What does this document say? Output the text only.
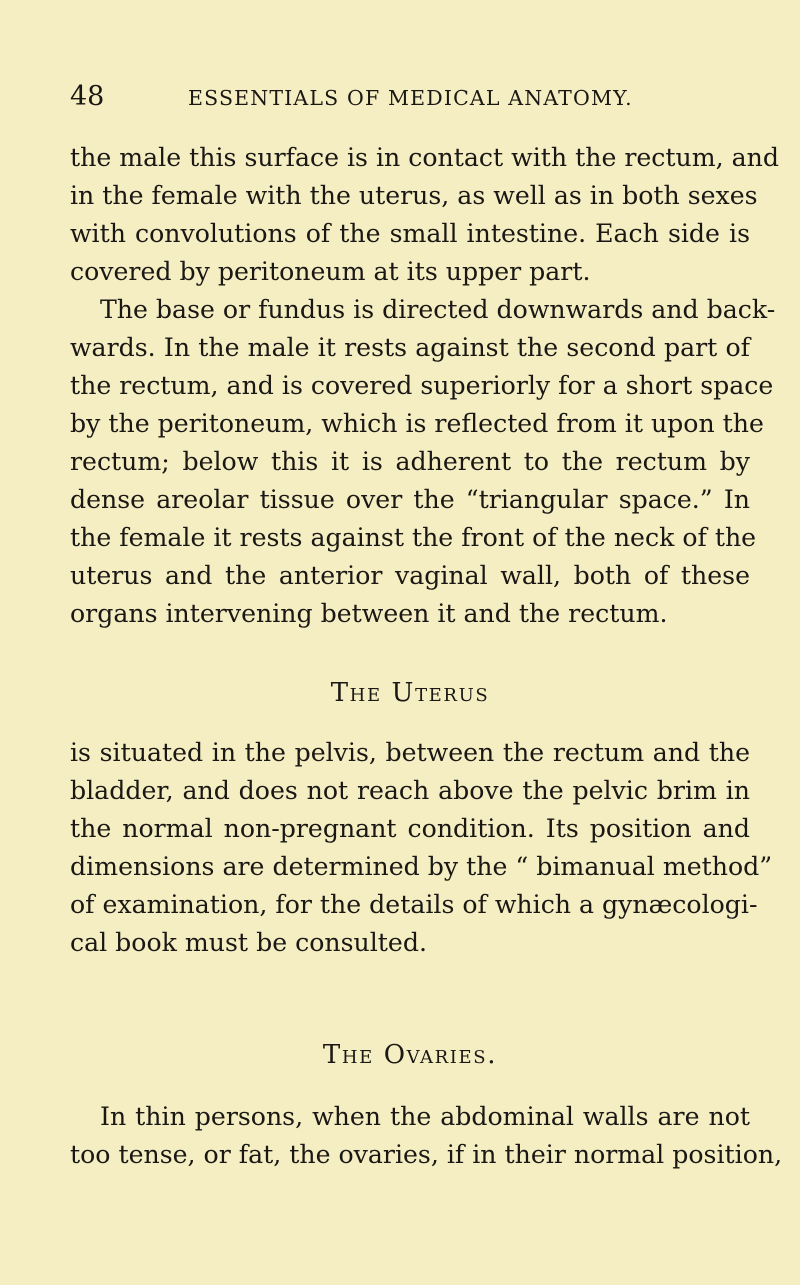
48	ESSENTIALS OF MEDICAL ANATOMY.
the male this surface is in contact with the rectum, and
in the female with the uterus, as well as in both sexes
with convolutions of the small intestine. Each side is
covered by peritoneum at its upper part.
The base or fundus is directed downwards and back-
wards. In the male it rests against the second part of
the rectum, and is covered superiorly for a short space
by the peritoneum, which is reflected from it upon the
rectum; below this it is adherent to the rectum by
dense areolar tissue over the “triangular space.” In
the female it rests against the front of the neck of the
uterus and the anterior vaginal wall, both of these
organs intervening between it and the rectum.
The Uterus
is situated in the pelvis, between the rectum and the
bladder, and does not reach above the pelvic brim in
the normal non-pregnant condition. Its position and
dimensions are determined by the “ bimanual method”
of examination, for the details of which a gynæcologi-
cal book must be consulted.
The Ovaries.
In thin persons, when the abdominal walls are not
too tense, or fat, the ovaries, if in their normal position,
